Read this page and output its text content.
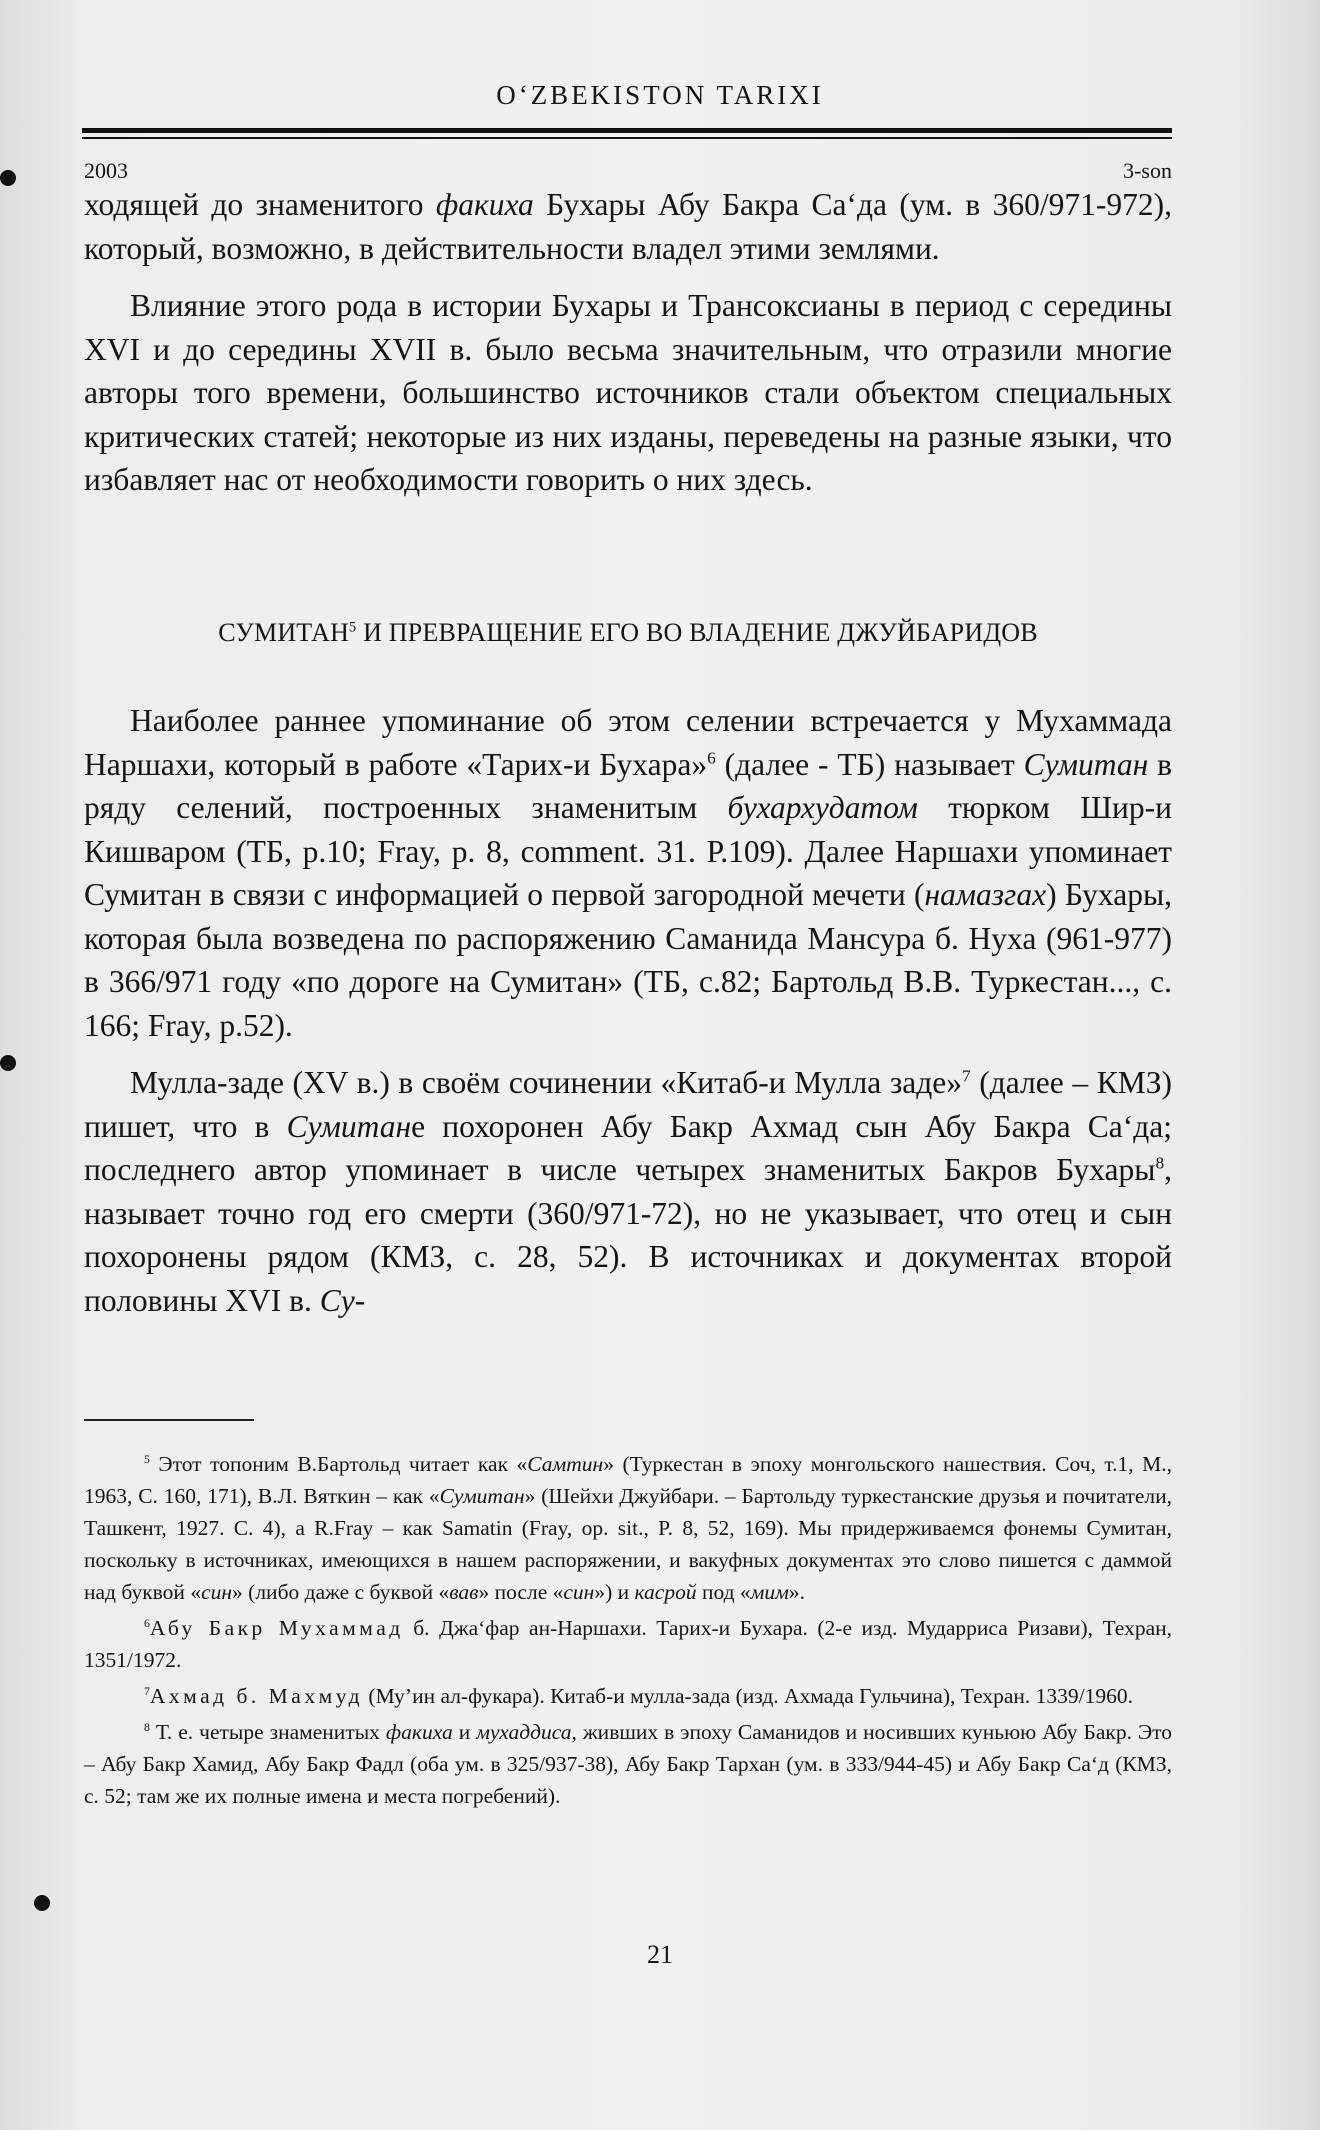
O‘ZBEKISTON TARIXI
2003	3-son

ходящей до знаменитого факиха Бухары Абу Бакра Са‘да (ум. в 360/971-972), который, возможно, в действительности владел этими землями.

Влияние этого рода в истории Бухары и Трансоксианы в период с середины XVI и до середины XVII в. было весьма значительным, что отразили многие авторы того времени, большинство источников стали объектом специальных критических статей; некоторые из них изданы, переведены на разные языки, что избавляет нас от необходимости говорить о них здесь.

СУМИТАН$^5$ И ПРЕВРАЩЕНИЕ ЕГО ВО ВЛАДЕНИЕ ДЖУЙБАРИДОВ

Наиболее раннее упоминание об этом селении встречается у Мухаммада Наршахи, который в работе «Тарих-и Бухара»$^6$ (далее - ТБ) называет Сумитан в ряду селений, построенных знаменитым бухархудатом тюрком Шир-и Кишваром (ТБ, р.10; Fray, р. 8, comment. 31. Р.109). Далее Наршахи упоминает Сумитан в связи с информацией о первой загородной мечети (намазгах) Бухары, которая была возведена по распоряжению Саманида Мансура б. Нуха (961-977) в 366/971 году «по дороге на Сумитан» (ТБ, с.82; Бартольд В.В. Туркестан..., с. 166; Fray, р.52).

Мулла-заде (XV в.) в своём сочинении «Китаб-и Мулла заде»$^7$ (далее – КМЗ) пишет, что в Сумитане похоронен Абу Бакр Ахмад сын Абу Бакра Са‘да; последнего автор упоминает в числе четырех знаменитых Бакров Бухары$^8$, называет точно год его смерти (360/971-72), но не указывает, что отец и сын похоронены рядом (КМЗ, с. 28, 52). В источниках и документах второй половины XVI в. Су-

$^5$ Этот топоним В.Бартольд читает как «Самтин» (Туркестан в эпоху монгольского нашествия. Соч, т.1, М., 1963, С. 160, 171), В.Л. Вяткин – как «Сумитан» (Шейхи Джуйбари. – Бартольду туркестанские друзья и почитатели, Ташкент, 1927. С. 4), а R.Fray – как Samatin (Fray, op. sit., P. 8, 52, 169). Мы придерживаемся фонемы Сумитан, поскольку в источниках, имеющихся в нашем распоряжении, и вакуфных документах это слово пишется с даммой над буквой «син» (либо даже с буквой «вав» после «син») и касрой под «мим».

$^6$Абу Бакр Мухаммад б. Джа‘фар ан-Наршахи. Тарих-и Бухара. (2-е изд. Мударриса Ризави), Техран, 1351/1972.

$^7$Ахмад б. Махмуд (Му’ин ал-фукара). Китаб-и мулла-зада (изд. Ахмада Гульчина), Техран. 1339/1960.

$^8$ Т. е. четыре знаменитых факиха и мухаддиса, живших в эпоху Саманидов и носивших куньюю Абу Бакр. Это – Абу Бакр Хамид, Абу Бакр Фадл (оба ум. в 325/937-38), Абу Бакр Тархан (ум. в 333/944-45) и Абу Бакр Са‘д (КМЗ, с. 52; там же их полные имена и места погребений).

21
